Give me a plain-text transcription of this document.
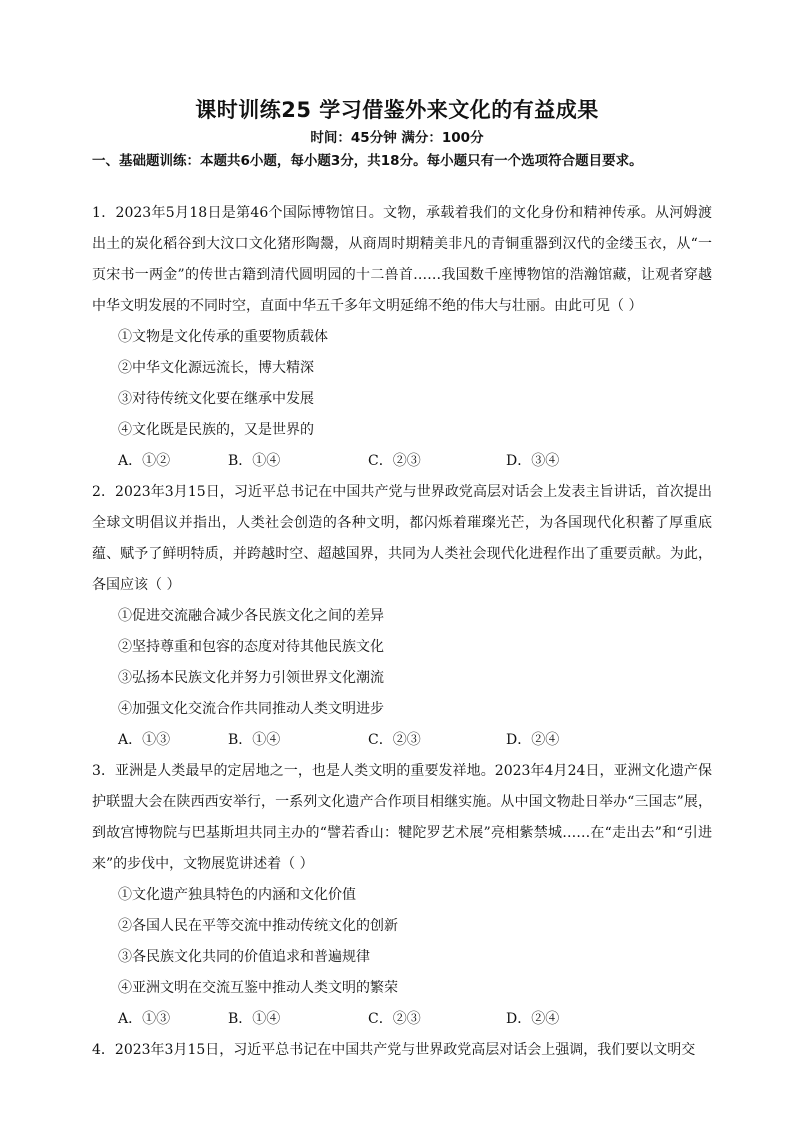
课时训练25 学习借鉴外来文化的有益成果
时间：45分钟 满分：100分
一、基础题训练：本题共6小题，每小题3分，共18分。每小题只有一个选项符合题目要求。
1．2023年5月18日是第46个国际博物馆日。文物，承载着我们的文化身份和精神传承。从河姆渡出土的炭化稻谷到大汶口文化猪形陶鬶，从商周时期精美非凡的青铜重器到汉代的金缕玉衣，从“一页宋书一两金”的传世古籍到清代圆明园的十二兽首……我国数千座博物馆的浩瀚馆藏，让观者穿越中华文明发展的不同时空，直面中华五千多年文明延绵不绝的伟大与壮丽。由此可见（ ）
①文物是文化传承的重要物质载体
②中华文化源远流长，博大精深
③对待传统文化要在继承中发展
④文化既是民族的，又是世界的
A．①②	B．①④	C．②③	D．③④
2．2023年3月15日，习近平总书记在中国共产党与世界政党高层对话会上发表主旨讲话，首次提出全球文明倡议并指出，人类社会创造的各种文明，都闪烁着璀璨光芒，为各国现代化积蓄了厚重底蕴、赋予了鲜明特质，并跨越时空、超越国界，共同为人类社会现代化进程作出了重要贡献。为此，各国应该（ ）
①促进交流融合减少各民族文化之间的差异
②坚持尊重和包容的态度对待其他民族文化
③弘扬本民族文化并努力引领世界文化潮流
④加强文化交流合作共同推动人类文明进步
A．①③	B．①④	C．②③	D．②④
3．亚洲是人类最早的定居地之一，也是人类文明的重要发祥地。2023年4月24日，亚洲文化遗产保护联盟大会在陕西西安举行，一系列文化遗产合作项目相继实施。从中国文物赴日举办“三国志”展，到故宫博物院与巴基斯坦共同主办的“譬若香山：犍陀罗艺术展”亮相紫禁城……在“走出去”和“引进来”的步伐中，文物展览讲述着（ ）
①文化遗产独具特色的内涵和文化价值
②各国人民在平等交流中推动传统文化的创新
③各民族文化共同的价值追求和普遍规律
④亚洲文明在交流互鉴中推动人类文明的繁荣
A．①③	B．①④	C．②③	D．②④
4．2023年3月15日，习近平总书记在中国共产党与世界政党高层对话会上强调，我们要以文明交
